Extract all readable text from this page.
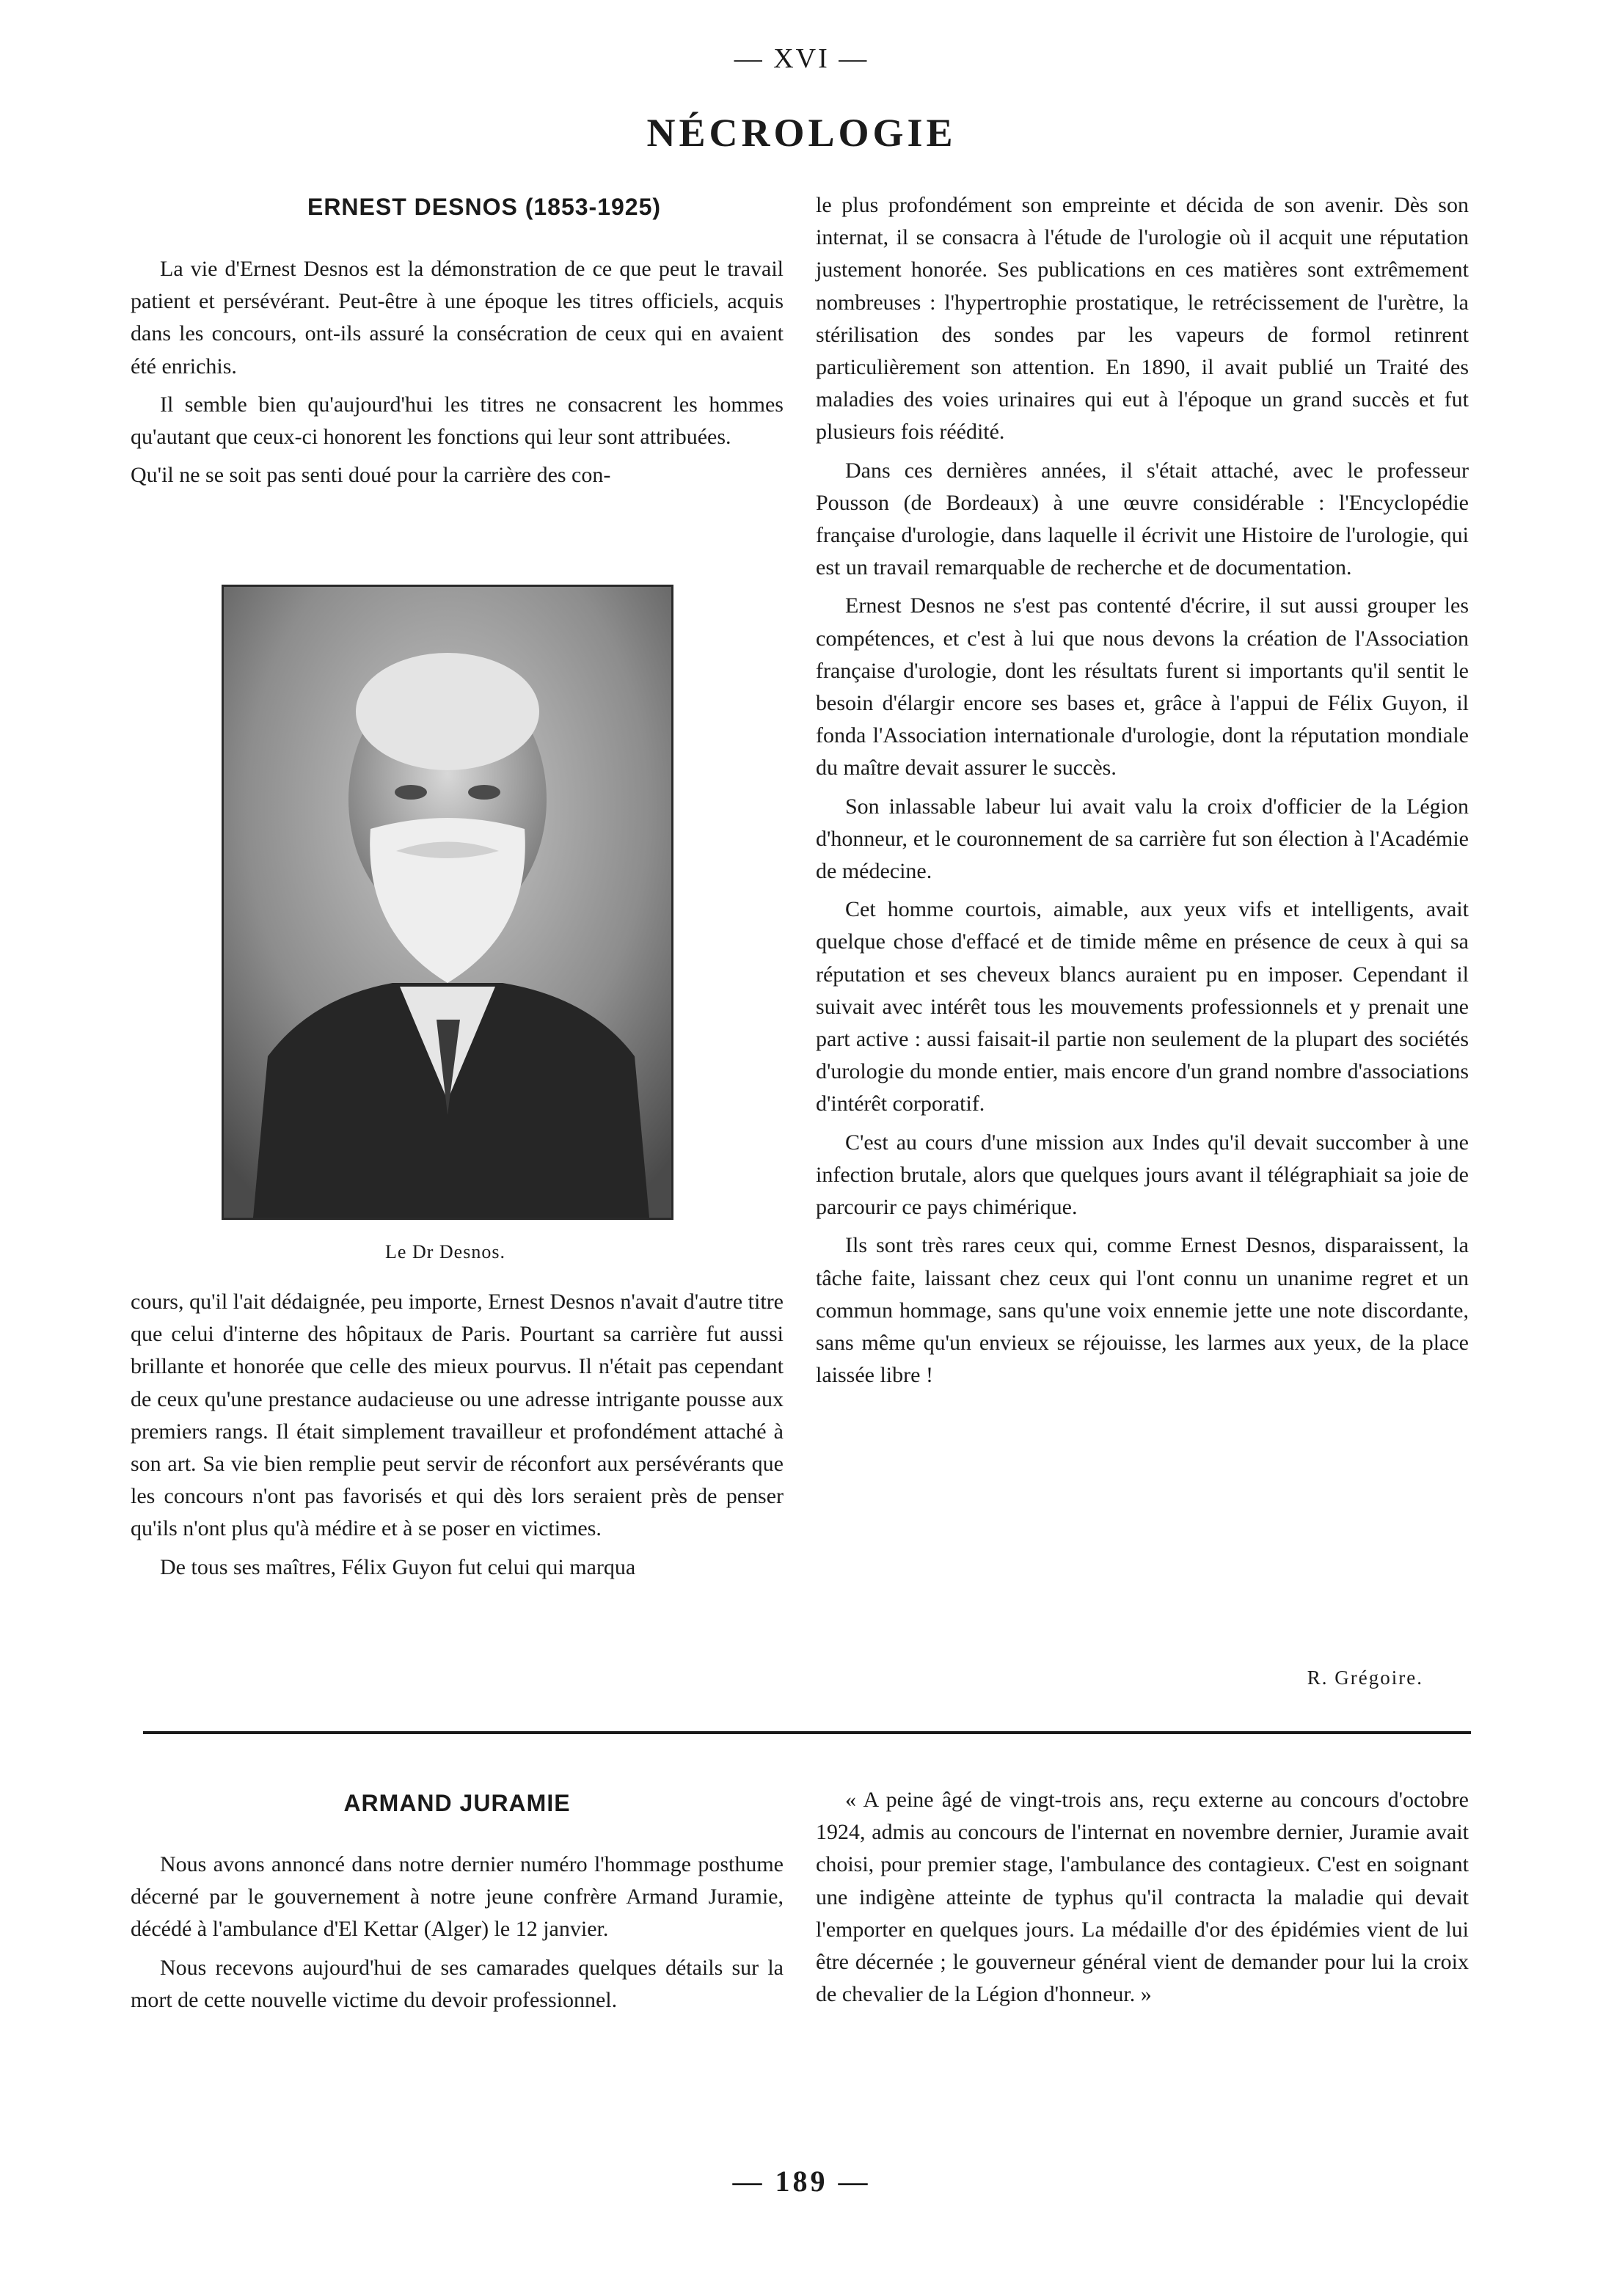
— XVI —
NÉCROLOGIE
ERNEST DESNOS (1853-1925)

La vie d'Ernest Desnos est la démonstration de ce que peut le travail patient et persévérant. Peut-être à une époque les titres officiels, acquis dans les concours, ont-ils assuré la consécration de ceux qui en avaient été enrichis.

Il semble bien qu'aujourd'hui les titres ne consacrent les hommes qu'autant que ceux-ci honorent les fonctions qui leur sont attribuées.

Qu'il ne se soit pas senti doué pour la carrière des con-

Le Dr Desnos.

cours, qu'il l'ait dédaignée, peu importe, Ernest Desnos n'avait d'autre titre que celui d'interne des hôpitaux de Paris. Pourtant sa carrière fut aussi brillante et honorée que celle des mieux pourvus. Il n'était pas cependant de ceux qu'une prestance audacieuse ou une adresse intrigante pousse aux premiers rangs. Il était simplement travailleur et profondément attaché à son art. Sa vie bien remplie peut servir de réconfort aux persévérants que les concours n'ont pas favorisés et qui dès lors seraient près de penser qu'ils n'ont plus qu'à médire et à se poser en victimes.

De tous ses maîtres, Félix Guyon fut celui qui marqua

le plus profondément son empreinte et décida de son avenir. Dès son internat, il se consacra à l'étude de l'urologie où il acquit une réputation justement honorée. Ses publications en ces matières sont extrêmement nombreuses : l'hypertrophie prostatique, le retrécissement de l'urètre, la stérilisation des sondes par les vapeurs de formol retinrent particulièrement son attention. En 1890, il avait publié un Traité des maladies des voies urinaires qui eut à l'époque un grand succès et fut plusieurs fois réédité.

Dans ces dernières années, il s'était attaché, avec le professeur Pousson (de Bordeaux) à une œuvre considérable : l'Encyclopédie française d'urologie, dans laquelle il écrivit une Histoire de l'urologie, qui est un travail remarquable de recherche et de documentation.

Ernest Desnos ne s'est pas contenté d'écrire, il sut aussi grouper les compétences, et c'est à lui que nous devons la création de l'Association française d'urologie, dont les résultats furent si importants qu'il sentit le besoin d'élargir encore ses bases et, grâce à l'appui de Félix Guyon, il fonda l'Association internationale d'urologie, dont la réputation mondiale du maître devait assurer le succès.

Son inlassable labeur lui avait valu la croix d'officier de la Légion d'honneur, et le couronnement de sa carrière fut son élection à l'Académie de médecine.

Cet homme courtois, aimable, aux yeux vifs et intelligents, avait quelque chose d'effacé et de timide même en présence de ceux à qui sa réputation et ses cheveux blancs auraient pu en imposer. Cependant il suivait avec intérêt tous les mouvements professionnels et y prenait une part active : aussi faisait-il partie non seulement de la plupart des sociétés d'urologie du monde entier, mais encore d'un grand nombre d'associations d'intérêt corporatif.

C'est au cours d'une mission aux Indes qu'il devait succomber à une infection brutale, alors que quelques jours avant il télégraphiait sa joie de parcourir ce pays chimérique.

Ils sont très rares ceux qui, comme Ernest Desnos, disparaissent, la tâche faite, laissant chez ceux qui l'ont connu un unanime regret et un commun hommage, sans qu'une voix ennemie jette une note discordante, sans même qu'un envieux se réjouisse, les larmes aux yeux, de la place laissée libre !

R. Grégoire.
ARMAND JURAMIE

Nous avons annoncé dans notre dernier numéro l'hommage posthume décerné par le gouvernement à notre jeune confrère Armand Juramie, décédé à l'ambulance d'El Kettar (Alger) le 12 janvier.

Nous recevons aujourd'hui de ses camarades quelques détails sur la mort de cette nouvelle victime du devoir professionnel.

« A peine âgé de vingt-trois ans, reçu externe au concours d'octobre 1924, admis au concours de l'internat en novembre dernier, Juramie avait choisi, pour premier stage, l'ambulance des contagieux. C'est en soignant une indigène atteinte de typhus qu'il contracta la maladie qui devait l'emporter en quelques jours. La médaille d'or des épidémies vient de lui être décernée ; le gouverneur général vient de demander pour lui la croix de chevalier de la Légion d'honneur. »

— 189 —
